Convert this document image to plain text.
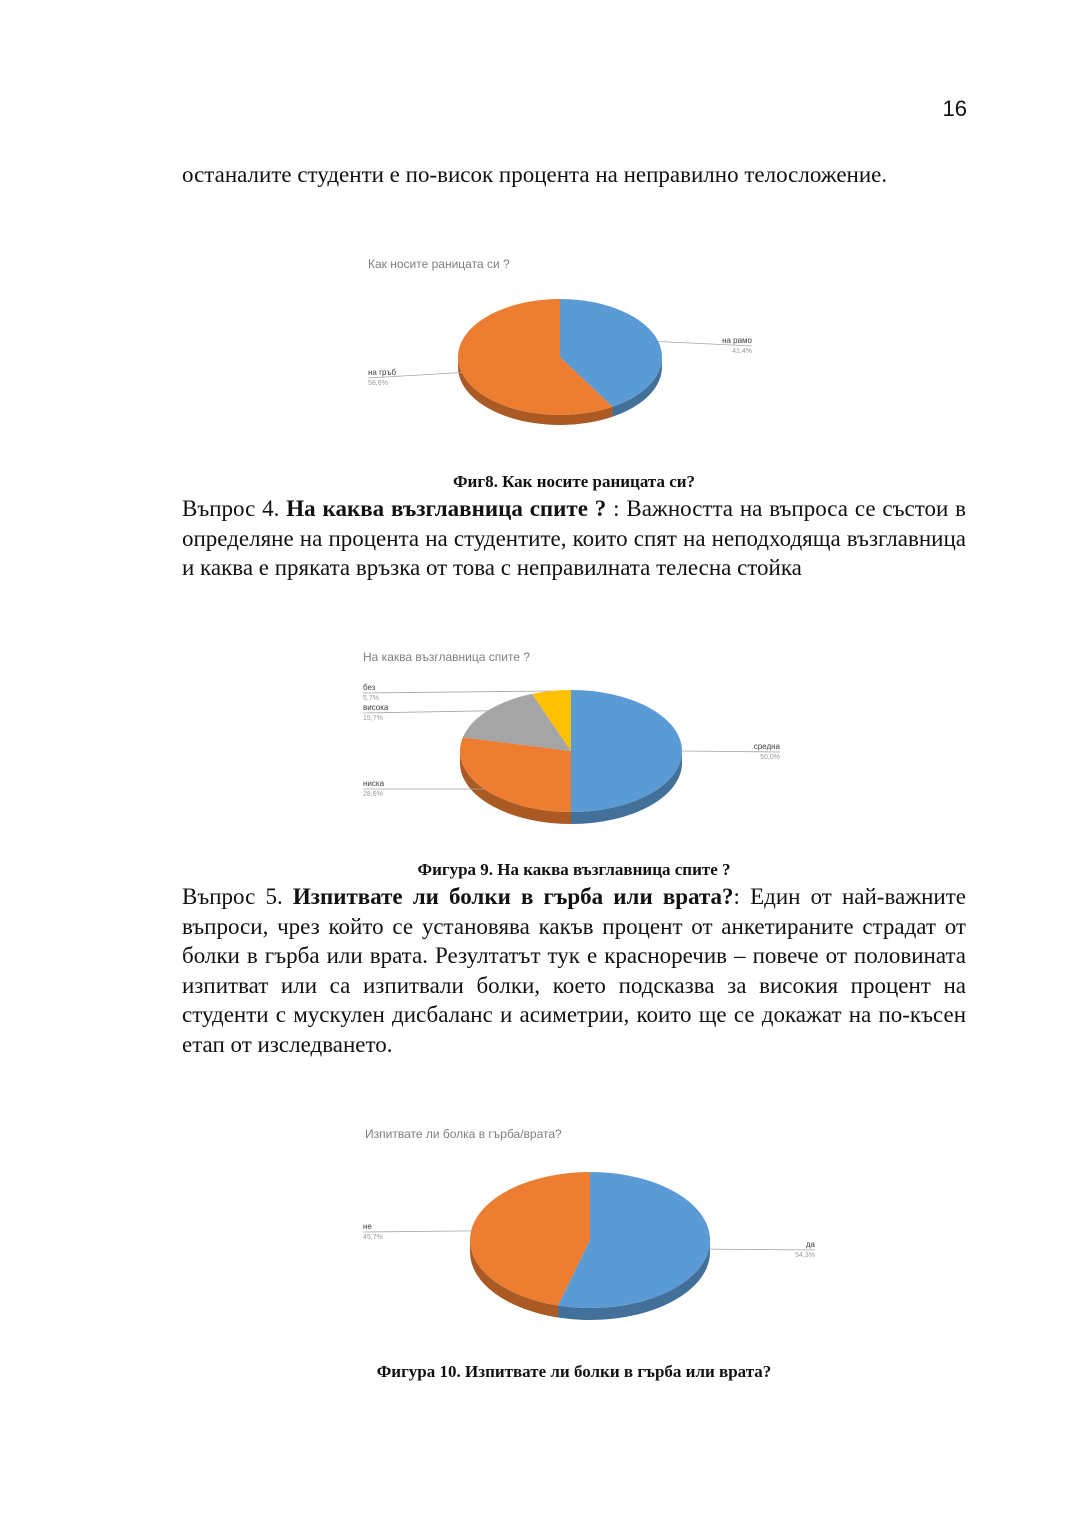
16

останалите студенти е по-висок процента на неправилно телосложение.

Как носите раницата си ?
на рамо
41,4%
на гръб
58,6%

Фиг8. Как носите раницата си?

Въпрос 4. На каква възглавница спите ? : Важността на въпроса се състои в определяне на процента на студентите, които спят на неподходяща възглавница и каква е пряката връзка от това с неправилната телесна стойка

На каква възглавница спите ?
средна
50,0%
ниска
28,6%
висока
15,7%
без
5,7%

Фигура 9. На каква възглавница спите ?

Въпрос 5. Изпитвате ли болки в гърба или врата?: Един от най-важните въпроси, чрез който се установява какъв процент от анкетираните страдат от болки в гърба или врата. Резултатът тук е красноречив – повече от половината изпитват или са изпитвали болки, което подсказва за високия процент на студенти с мускулен дисбаланс и асиметрии, които ще се докажат на по-късен етап от изследването.

Изпитвате ли болка в гърба/врата?
да
54,3%
не
45,7%

Фигура 10. Изпитвате ли болки в гърба или врата?
